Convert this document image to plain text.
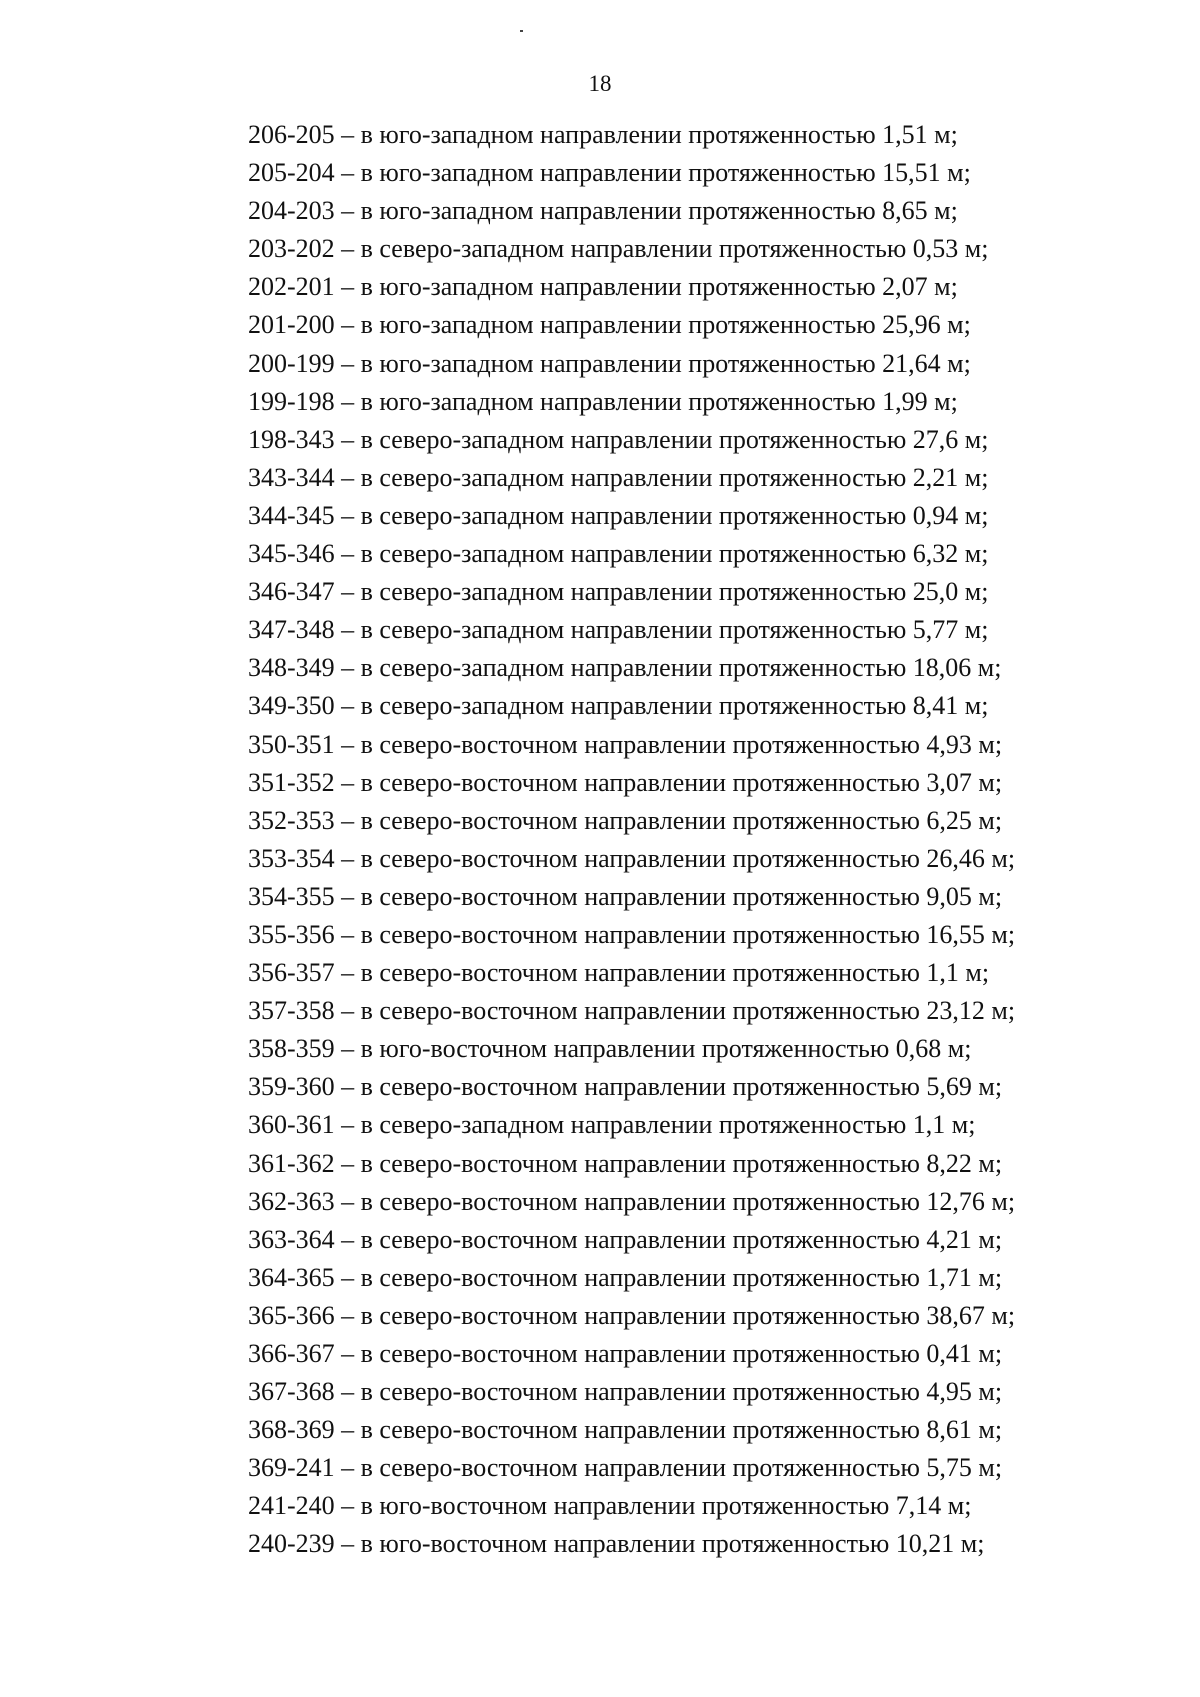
18
206-205 – в юго-западном направлении протяженностью 1,51 м;
205-204 – в юго-западном направлении протяженностью 15,51 м;
204-203 – в юго-западном направлении протяженностью 8,65 м;
203-202 – в северо-западном направлении протяженностью 0,53 м;
202-201 – в юго-западном направлении протяженностью 2,07 м;
201-200 – в юго-западном направлении протяженностью 25,96 м;
200-199 – в юго-западном направлении протяженностью 21,64 м;
199-198 – в юго-западном направлении протяженностью 1,99 м;
198-343 – в северо-западном направлении протяженностью 27,6 м;
343-344 – в северо-западном направлении протяженностью 2,21 м;
344-345 – в северо-западном направлении протяженностью 0,94 м;
345-346 – в северо-западном направлении протяженностью 6,32 м;
346-347 – в северо-западном направлении протяженностью 25,0 м;
347-348 – в северо-западном направлении протяженностью 5,77 м;
348-349 – в северо-западном направлении протяженностью 18,06 м;
349-350 – в северо-западном направлении протяженностью 8,41 м;
350-351 – в северо-восточном направлении протяженностью 4,93 м;
351-352 – в северо-восточном направлении протяженностью 3,07 м;
352-353 – в северо-восточном направлении протяженностью 6,25 м;
353-354 – в северо-восточном направлении протяженностью 26,46 м;
354-355 – в северо-восточном направлении протяженностью 9,05 м;
355-356 – в северо-восточном направлении протяженностью 16,55 м;
356-357 – в северо-восточном направлении протяженностью 1,1 м;
357-358 – в северо-восточном направлении протяженностью 23,12 м;
358-359 – в юго-восточном направлении протяженностью 0,68 м;
359-360 – в северо-восточном направлении протяженностью 5,69 м;
360-361 – в северо-западном направлении протяженностью 1,1 м;
361-362 – в северо-восточном направлении протяженностью 8,22 м;
362-363 – в северо-восточном направлении протяженностью 12,76 м;
363-364 – в северо-восточном направлении протяженностью 4,21 м;
364-365 – в северо-восточном направлении протяженностью 1,71 м;
365-366 – в северо-восточном направлении протяженностью 38,67 м;
366-367 – в северо-восточном направлении протяженностью 0,41 м;
367-368 – в северо-восточном направлении протяженностью 4,95 м;
368-369 – в северо-восточном направлении протяженностью 8,61 м;
369-241 – в северо-восточном направлении протяженностью 5,75 м;
241-240 – в юго-восточном направлении протяженностью 7,14 м;
240-239 – в юго-восточном направлении протяженностью 10,21 м;
